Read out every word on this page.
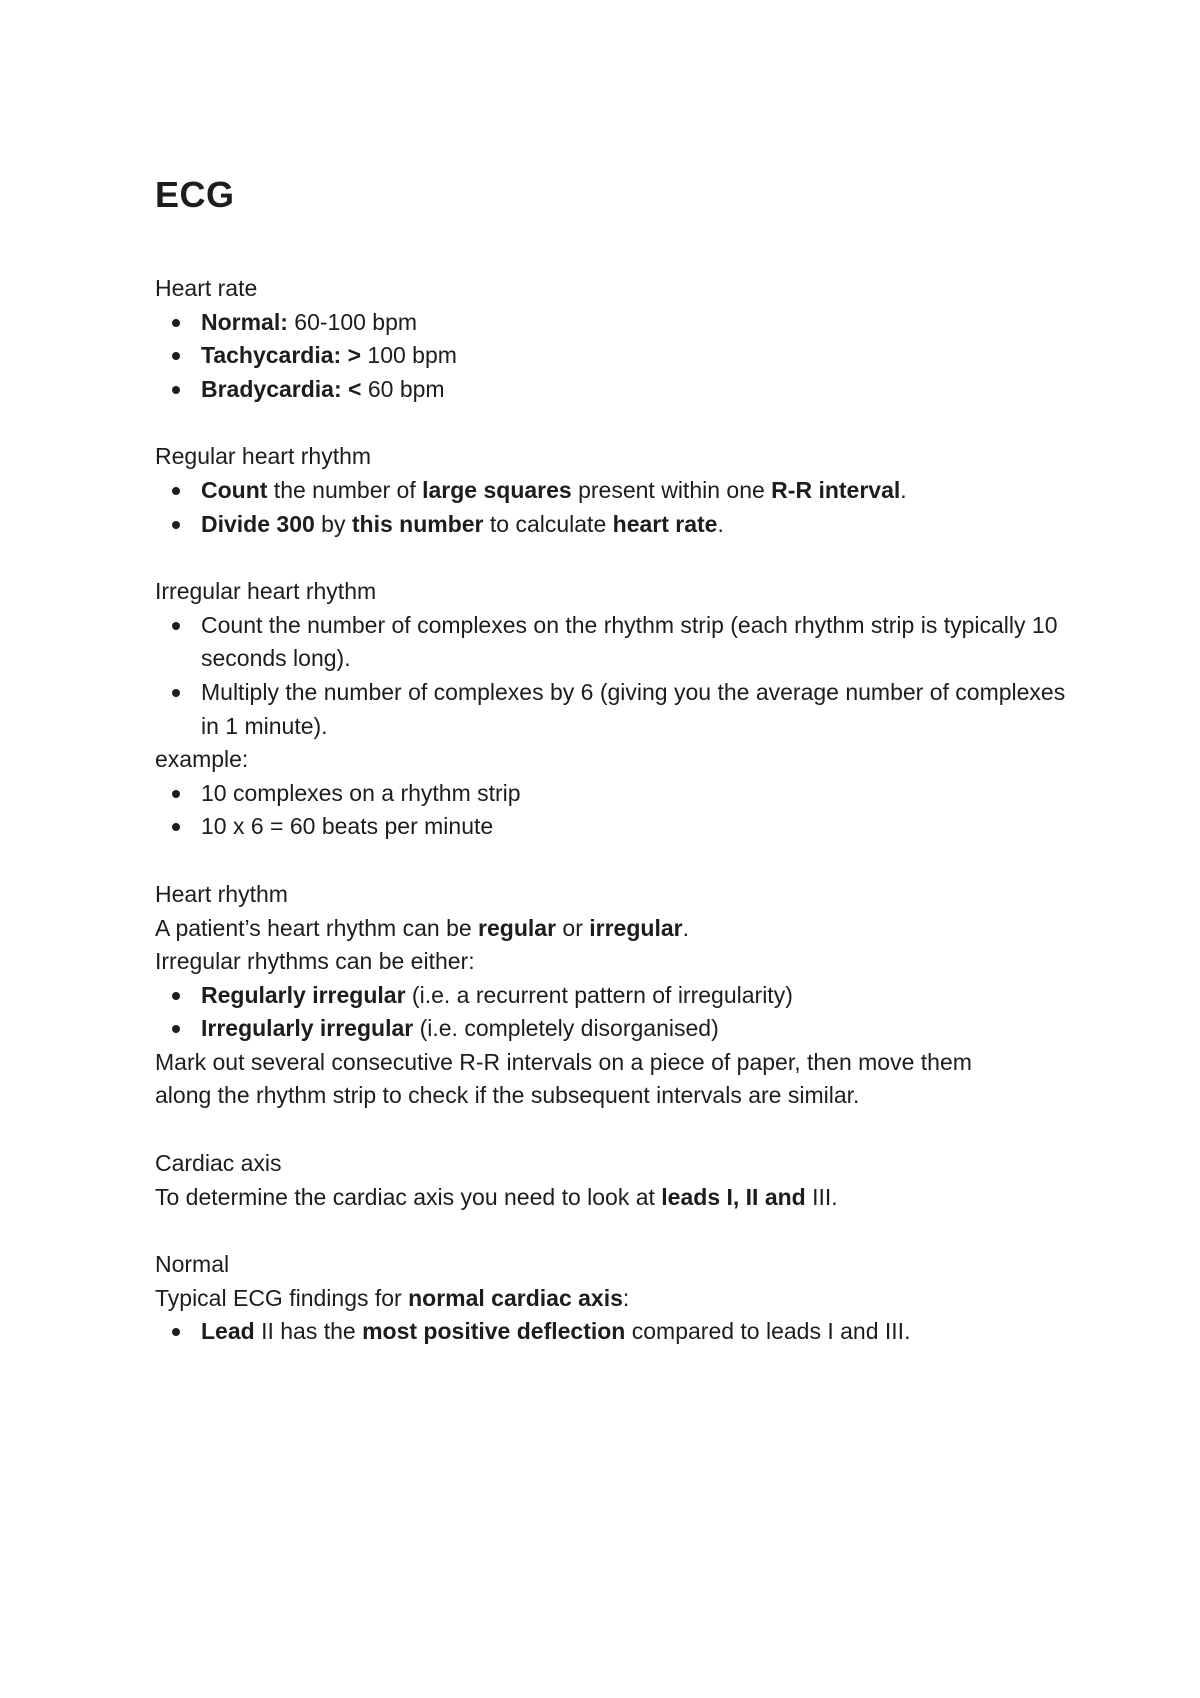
ECG

Heart rate

Normal: 60-100 bpm
Tachycardia: > 100 bpm
Bradycardia: < 60 bpm

Regular heart rhythm

Count the number of large squares present within one R-R interval.
Divide 300 by this number to calculate heart rate.

Irregular heart rhythm

Count the number of complexes on the rhythm strip (each rhythm strip is typically 10 seconds long).
Multiply the number of complexes by 6 (giving you the average number of complexes in 1 minute).

example:

10 complexes on a rhythm strip
10 x 6 = 60 beats per minute

Heart rhythm

A patient’s heart rhythm can be regular or irregular.

Irregular rhythms can be either:

Regularly irregular (i.e. a recurrent pattern of irregularity)
Irregularly irregular (i.e. completely disorganised)

Mark out several consecutive R-R intervals on a piece of paper, then move them along the rhythm strip to check if the subsequent intervals are similar.

Cardiac axis

To determine the cardiac axis you need to look at leads I, II and III.

Normal

Typical ECG findings for normal cardiac axis:

Lead II has the most positive deflection compared to leads I and III.
